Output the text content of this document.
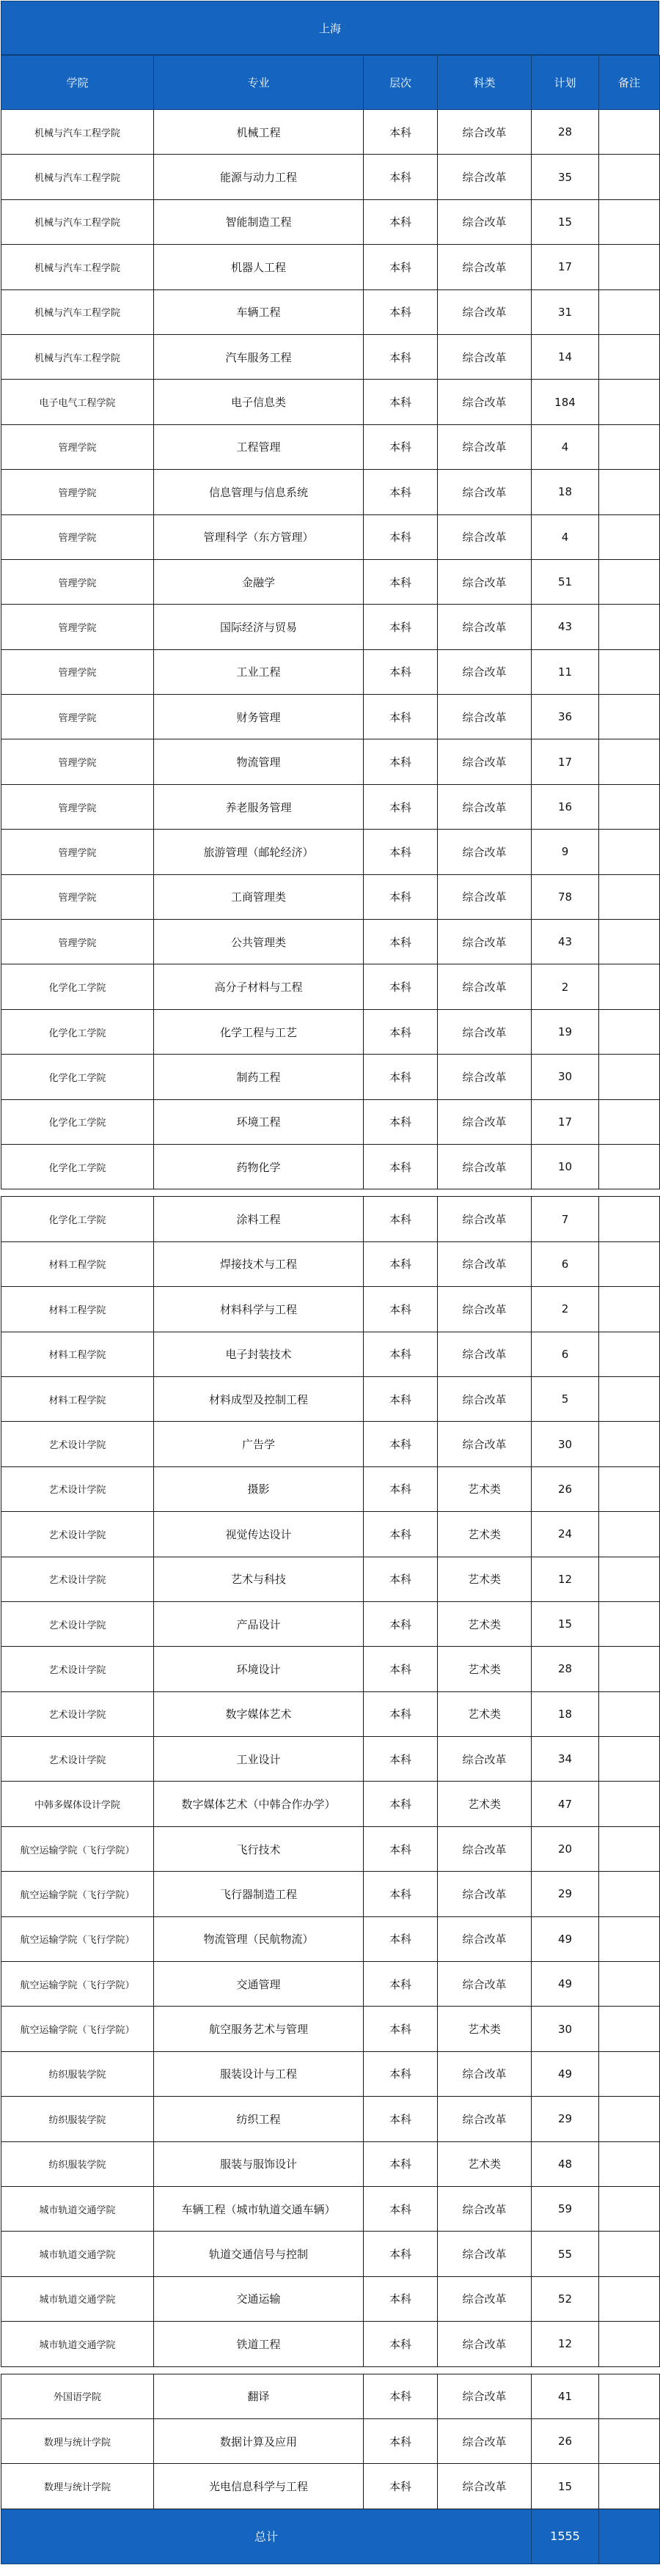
上海
学院	专业	层次	科类	计划	备注
机械与汽车工程学院	机械工程	本科	综合改革	28	
机械与汽车工程学院	能源与动力工程	本科	综合改革	35	
机械与汽车工程学院	智能制造工程	本科	综合改革	15	
机械与汽车工程学院	机器人工程	本科	综合改革	17	
机械与汽车工程学院	车辆工程	本科	综合改革	31	
机械与汽车工程学院	汽车服务工程	本科	综合改革	14	
电子电气工程学院	电子信息类	本科	综合改革	184	
管理学院	工程管理	本科	综合改革	4	
管理学院	信息管理与信息系统	本科	综合改革	18	
管理学院	管理科学（东方管理）	本科	综合改革	4	
管理学院	金融学	本科	综合改革	51	
管理学院	国际经济与贸易	本科	综合改革	43	
管理学院	工业工程	本科	综合改革	11	
管理学院	财务管理	本科	综合改革	36	
管理学院	物流管理	本科	综合改革	17	
管理学院	养老服务管理	本科	综合改革	16	
管理学院	旅游管理（邮轮经济）	本科	综合改革	9	
管理学院	工商管理类	本科	综合改革	78	
管理学院	公共管理类	本科	综合改革	43	
化学化工学院	高分子材料与工程	本科	综合改革	2	
化学化工学院	化学工程与工艺	本科	综合改革	19	
化学化工学院	制药工程	本科	综合改革	30	
化学化工学院	环境工程	本科	综合改革	17	
化学化工学院	药物化学	本科	综合改革	10	

化学化工学院	涂料工程	本科	综合改革	7	
材料工程学院	焊接技术与工程	本科	综合改革	6	
材料工程学院	材料科学与工程	本科	综合改革	2	
材料工程学院	电子封装技术	本科	综合改革	6	
材料工程学院	材料成型及控制工程	本科	综合改革	5	
艺术设计学院	广告学	本科	综合改革	30	
艺术设计学院	摄影	本科	艺术类	26	
艺术设计学院	视觉传达设计	本科	艺术类	24	
艺术设计学院	艺术与科技	本科	艺术类	12	
艺术设计学院	产品设计	本科	艺术类	15	
艺术设计学院	环境设计	本科	艺术类	28	
艺术设计学院	数字媒体艺术	本科	艺术类	18	
艺术设计学院	工业设计	本科	综合改革	34	
中韩多媒体设计学院	数字媒体艺术（中韩合作办学）	本科	艺术类	47	
航空运输学院（飞行学院）	飞行技术	本科	综合改革	20	
航空运输学院（飞行学院）	飞行器制造工程	本科	综合改革	29	
航空运输学院（飞行学院）	物流管理（民航物流）	本科	综合改革	49	
航空运输学院（飞行学院）	交通管理	本科	综合改革	49	
航空运输学院（飞行学院）	航空服务艺术与管理	本科	艺术类	30	
纺织服装学院	服装设计与工程	本科	综合改革	49	
纺织服装学院	纺织工程	本科	综合改革	29	
纺织服装学院	服装与服饰设计	本科	艺术类	48	
城市轨道交通学院	车辆工程（城市轨道交通车辆）	本科	综合改革	59	
城市轨道交通学院	轨道交通信号与控制	本科	综合改革	55	
城市轨道交通学院	交通运输	本科	综合改革	52	
城市轨道交通学院	铁道工程	本科	综合改革	12	

外国语学院	翻译	本科	综合改革	41	
数理与统计学院	数据计算及应用	本科	综合改革	26	
数理与统计学院	光电信息科学与工程	本科	综合改革	15	
总计				1555	
